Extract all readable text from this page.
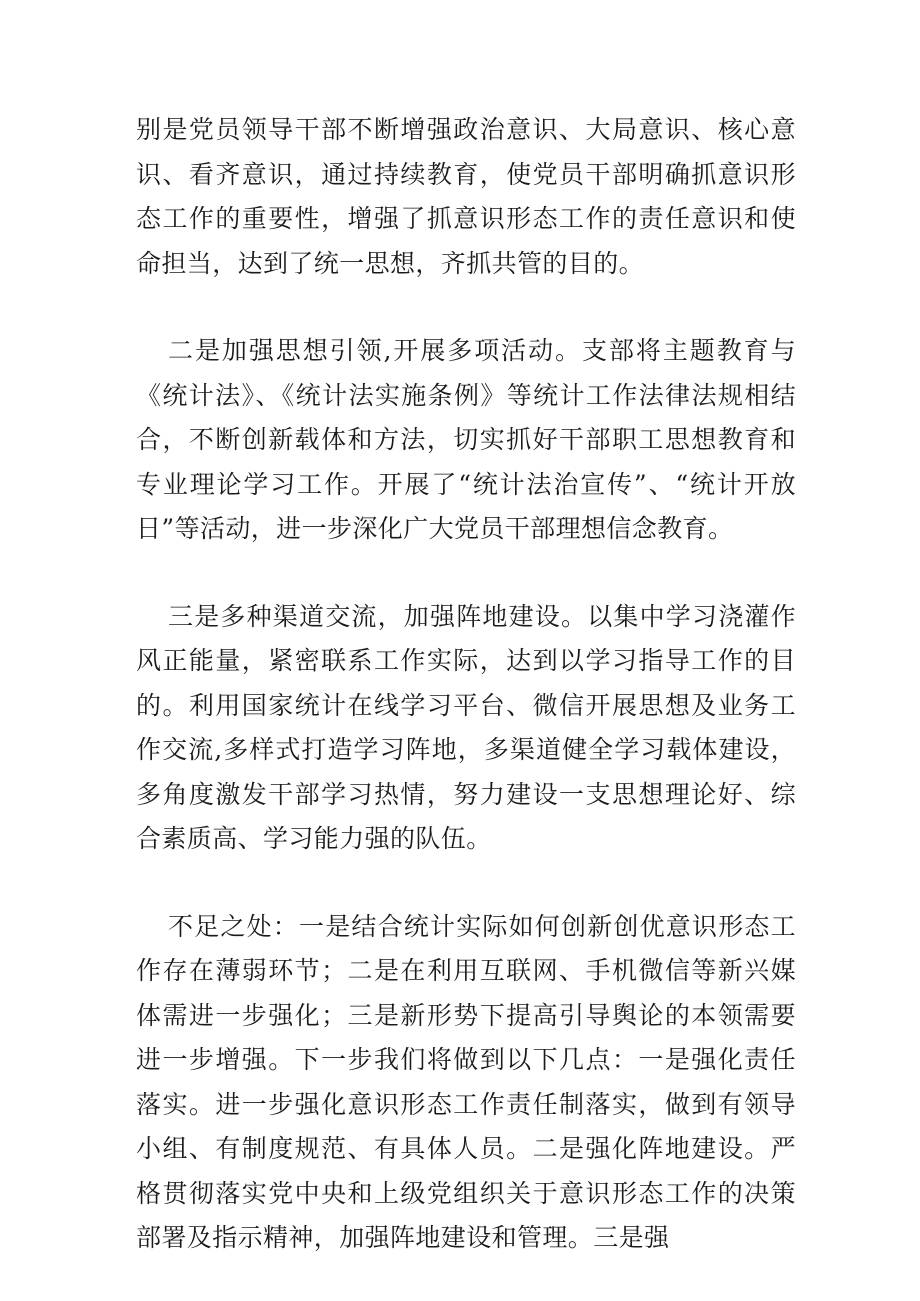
别是党员领导干部不断增强政治意识、大局意识、核心意识、看齐意识，通过持续教育，使党员干部明确抓意识形态工作的重要性，增强了抓意识形态工作的责任意识和使命担当，达到了统一思想，齐抓共管的目的。

二是加强思想引领,开展多项活动。支部将主题教育与《统计法》、《统计法实施条例》等统计工作法律法规相结合，不断创新载体和方法，切实抓好干部职工思想教育和专业理论学习工作。开展了“统计法治宣传”、“统计开放日”等活动，进一步深化广大党员干部理想信念教育。

三是多种渠道交流，加强阵地建设。以集中学习浇灌作风正能量，紧密联系工作实际，达到以学习指导工作的目的。利用国家统计在线学习平台、微信开展思想及业务工作交流,多样式打造学习阵地，多渠道健全学习载体建设，多角度激发干部学习热情，努力建设一支思想理论好、综合素质高、学习能力强的队伍。

不足之处：一是结合统计实际如何创新创优意识形态工作存在薄弱环节；二是在利用互联网、手机微信等新兴媒体需进一步强化；三是新形势下提高引导舆论的本领需要进一步增强。下一步我们将做到以下几点：一是强化责任落实。进一步强化意识形态工作责任制落实，做到有领导小组、有制度规范、有具体人员。二是强化阵地建设。严格贯彻落实党中央和上级党组织关于意识形态工作的决策部署及指示精神，加强阵地建设和管理。三是强
